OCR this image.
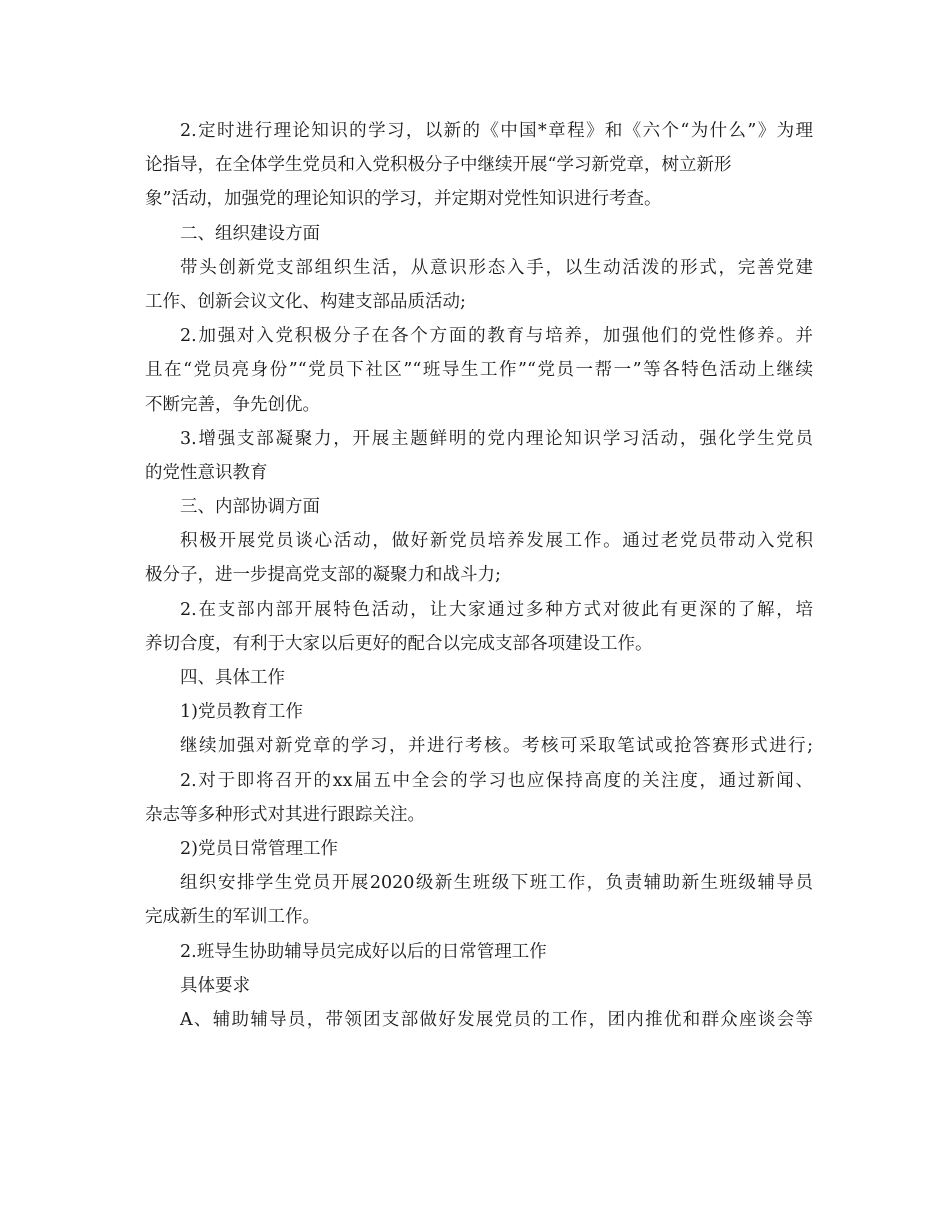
2.定时进行理论知识的学习，以新的《中国*章程》和《六个“为什么”》为理
论指导，在全体学生党员和入党积极分子中继续开展“学习新党章，树立新形
象”活动，加强党的理论知识的学习，并定期对党性知识进行考查。
二、组织建设方面
带头创新党支部组织生活，从意识形态入手，以生动活泼的形式，完善党建
工作、创新会议文化、构建支部品质活动;
2.加强对入党积极分子在各个方面的教育与培养，加强他们的党性修养。并
且在“党员亮身份”“党员下社区”“班导生工作”“党员一帮一”等各特色活动上继续
不断完善，争先创优。
3.增强支部凝聚力，开展主题鲜明的党内理论知识学习活动，强化学生党员
的党性意识教育
三、内部协调方面
积极开展党员谈心活动，做好新党员培养发展工作。通过老党员带动入党积
极分子，进一步提高党支部的凝聚力和战斗力;
2.在支部内部开展特色活动，让大家通过多种方式对彼此有更深的了解，培
养切合度，有利于大家以后更好的配合以完成支部各项建设工作。
四、具体工作
1)党员教育工作
继续加强对新党章的学习，并进行考核。考核可采取笔试或抢答赛形式进行;
2.对于即将召开的xx届五中全会的学习也应保持高度的关注度，通过新闻、
杂志等多种形式对其进行跟踪关注。
2)党员日常管理工作
组织安排学生党员开展2020级新生班级下班工作，负责辅助新生班级辅导员
完成新生的军训工作。
2.班导生协助辅导员完成好以后的日常管理工作
具体要求
A、辅助辅导员，带领团支部做好发展党员的工作，团内推优和群众座谈会等
